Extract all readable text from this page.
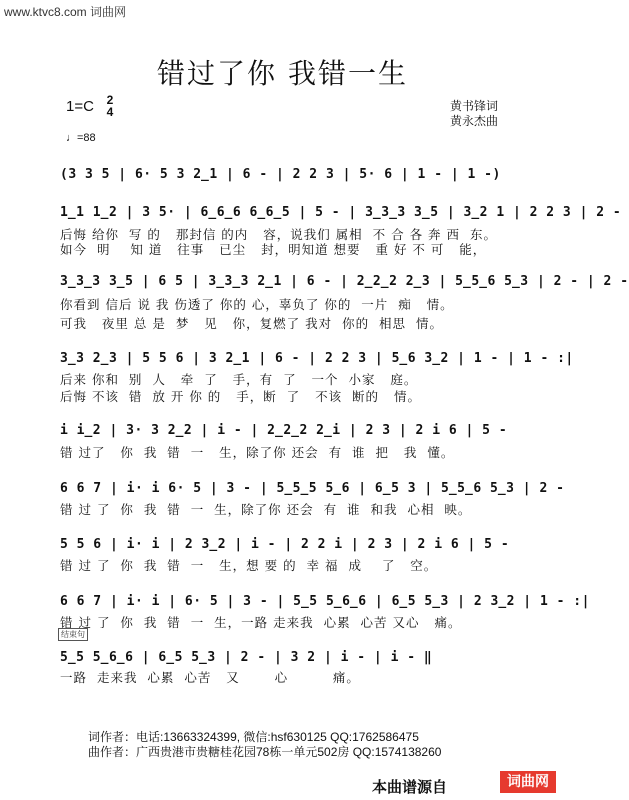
www.ktvc8.com 词曲网
错过了你 我错一生
1=C	2
4	黄书锋词
黄永杰曲
♩=88
(3 3 5 | 6· 5 3 2̲1 | 6 - | 2 2 3 | 5· 6 | 1 - | 1 -)
1̲1 1̲2 | 3 5· | 6̲6̲6 6̲6̲5 | 5 - | 3̲3̲3 3̲5 | 3̲2 1 | 2 2 3 | 2 -
后悔 给你  写 的   那封信 的内   容，说我们 属相  不 合 各 奔 西  东。
如今  明    知 道   往事   已尘   封，明知道 想要   重 好 不 可   能，
3̲3̲3 3̲5 | 6 5 | 3̲3̲3 2̲1 | 6 - | 2̲2̲2 2̲3 | 5̲5̲6 5̲3 | 2 - | 2 -
你看到 信后 说 我 伤透了 你的 心，辜负了 你的  一片  痴   情。
可我   夜里 总 是  梦   见   你，复燃了 我对  你的  相思  情。
3̲3 2̲3 | 5 5 6 | 3 2̲1 | 6 - | 2 2 3 | 5̲6 3̲2 | 1 - | 1 - :|
后来 你和  别  人   牵  了   手，有  了   一个  小家   庭。
后悔 不该  错  放 开 你 的   手，断  了   不该  断的   情。
i i̲2 | 3· 3 2̲2 | i - | 2̲2̲2 2̲i | 2 3 | 2 i 6 | 5 -
错 过了   你  我  错  一   生，除了你 还会  有  谁  把   我  懂。
6 6 7 | i· i 6· 5 | 3 - | 5̲5̲5 5̲6 | 6̲5 3 | 5̲5̲6 5̲3 | 2 -
错 过 了  你  我  错  一  生，除了你 还会  有  谁  和我  心相  映。
5 5 6 | i· i | 2 3̲2 | i - | 2 2 i | 2 3 | 2 i 6 | 5 -
错 过 了  你  我  错  一   生，想 要 的  幸 福  成    了   空。
6 6 7 | i· i | 6· 5 | 3 - | 5̲5 5̲6̲6 | 6̲5 5̲3 | 2 3̲2 | 1 - :|
错 过 了  你  我  错  一  生，一路 走来我  心累  心苦 又心   痛。
结束句
5̲5 5̲6̲6 | 6̲5 5̲3 | 2 - | 3 2 | i - | i - ‖
一路  走来我  心累  心苦   又       心         痛。
词作者：电话:13663324399, 微信:hsf630125 QQ:1762586475
曲作者：广西贵港市贵糖桂花园78栋一单元502房 QQ:1574138260
本曲谱源自	词曲网
